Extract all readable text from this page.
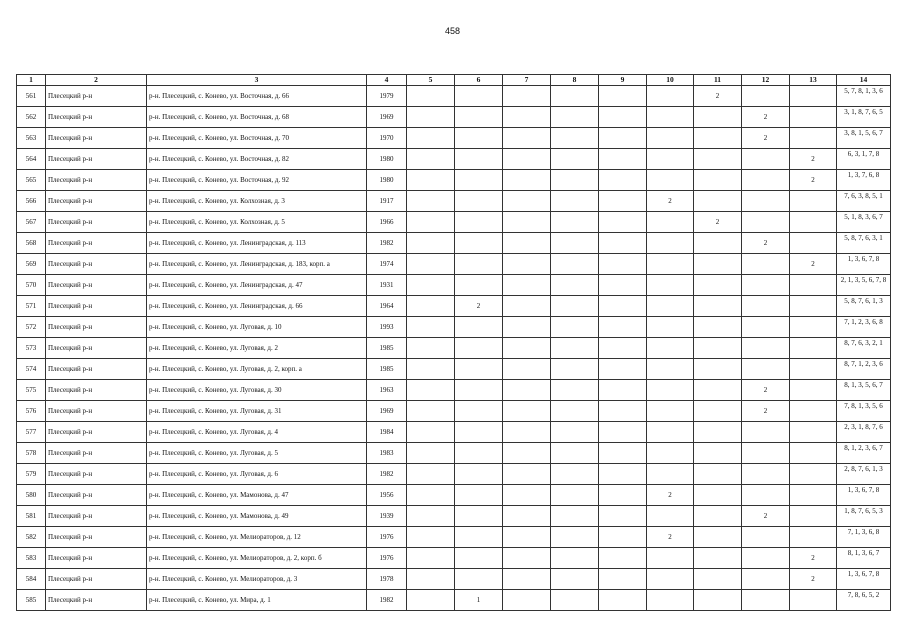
458
1	2	3	4	5	6	7	8	9	10	11	12	13	14
561	Плесецкий р-н	р-н. Плесецкий, с. Конево, ул. Восточная, д. 66	1979							2			5, 7, 8, 1, 3, 6
562	Плесецкий р-н	р-н. Плесецкий, с. Конево, ул. Восточная, д. 68	1969								2		3, 1, 8, 7, 6, 5
563	Плесецкий р-н	р-н. Плесецкий, с. Конево, ул. Восточная, д. 70	1970								2		3, 8, 1, 5, 6, 7
564	Плесецкий р-н	р-н. Плесецкий, с. Конево, ул. Восточная, д. 82	1980									2	6, 3, 1, 7, 8
565	Плесецкий р-н	р-н. Плесецкий, с. Конево, ул. Восточная, д. 92	1980									2	1, 3, 7, 6, 8
566	Плесецкий р-н	р-н. Плесецкий, с. Конево, ул. Колхозная, д. 3	1917						2				7, 6, 3, 8, 5, 1
567	Плесецкий р-н	р-н. Плесецкий, с. Конево, ул. Колхозная, д. 5	1966							2			5, 1, 8, 3, 6, 7
568	Плесецкий р-н	р-н. Плесецкий, с. Конево, ул. Ленинградская, д. 113	1982								2		5, 8, 7, 6, 3, 1
569	Плесецкий р-н	р-н. Плесецкий, с. Конево, ул. Ленинградская, д. 183, корп. а	1974									2	1, 3, 6, 7, 8
570	Плесецкий р-н	р-н. Плесецкий, с. Конево, ул. Ленинградская, д. 47	1931										2, 1, 3, 5, 6, 7, 8
571	Плесецкий р-н	р-н. Плесецкий, с. Конево, ул. Ленинградская, д. 66	1964		2								5, 8, 7, 6, 1, 3
572	Плесецкий р-н	р-н. Плесецкий, с. Конево, ул. Луговая, д. 10	1993										7, 1, 2, 3, 6, 8
573	Плесецкий р-н	р-н. Плесецкий, с. Конево, ул. Луговая, д. 2	1985										8, 7, 6, 3, 2, 1
574	Плесецкий р-н	р-н. Плесецкий, с. Конево, ул. Луговая, д. 2, корп. а	1985										8, 7, 1, 2, 3, 6
575	Плесецкий р-н	р-н. Плесецкий, с. Конево, ул. Луговая, д. 30	1963								2		8, 1, 3, 5, 6, 7
576	Плесецкий р-н	р-н. Плесецкий, с. Конево, ул. Луговая, д. 31	1969								2		7, 8, 1, 3, 5, 6
577	Плесецкий р-н	р-н. Плесецкий, с. Конево, ул. Луговая, д. 4	1984										2, 3, 1, 8, 7, 6
578	Плесецкий р-н	р-н. Плесецкий, с. Конево, ул. Луговая, д. 5	1983										8, 1, 2, 3, 6, 7
579	Плесецкий р-н	р-н. Плесецкий, с. Конево, ул. Луговая, д. 6	1982										2, 8, 7, 6, 1, 3
580	Плесецкий р-н	р-н. Плесецкий, с. Конево, ул. Мамонова, д. 47	1956						2				1, 3, 6, 7, 8
581	Плесецкий р-н	р-н. Плесецкий, с. Конево, ул. Мамонова, д. 49	1939								2		1, 8, 7, 6, 5, 3
582	Плесецкий р-н	р-н. Плесецкий, с. Конево, ул. Мелиораторов, д. 12	1976						2				7, 1, 3, 6, 8
583	Плесецкий р-н	р-н. Плесецкий, с. Конево, ул. Мелиораторов, д. 2, корп. б	1976									2	8, 1, 3, 6, 7
584	Плесецкий р-н	р-н. Плесецкий, с. Конево, ул. Мелиораторов, д. 3	1978									2	1, 3, 6, 7, 8
585	Плесецкий р-н	р-н. Плесецкий, с. Конево, ул. Мира, д. 1	1982		1								7, 8, 6, 5, 2
